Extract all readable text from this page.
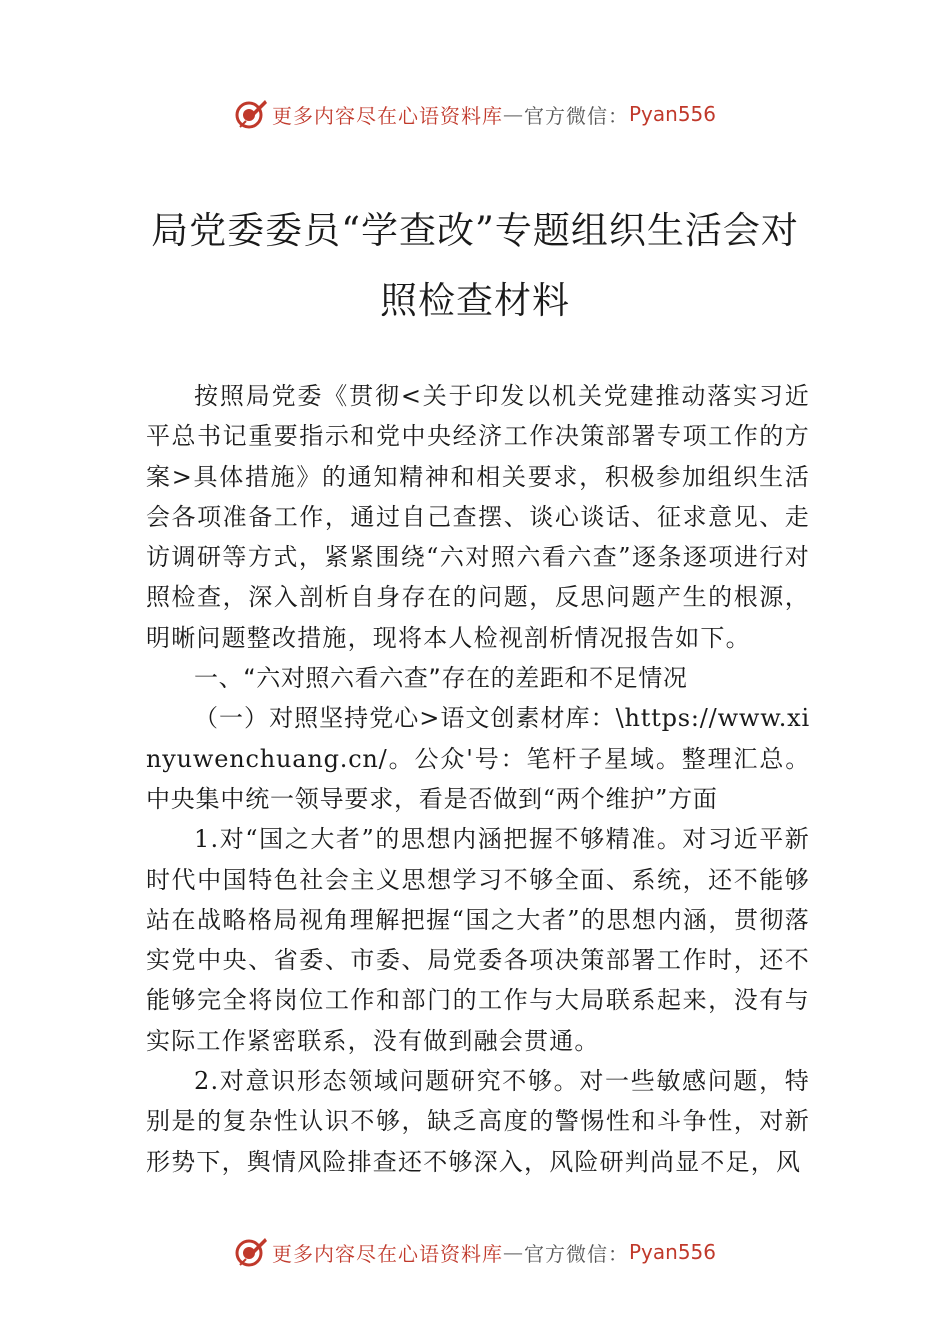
更多内容尽在心语资料库 — 官方微信： Pyan556
局党委委员“学查改”专题组织生活会对
照检查材料

按照局党委《贯彻<关于印发以机关党建推动落实习近平总书记重要指示和党中央经济工作决策部署专项工作的方案>具体措施》的通知精神和相关要求，积极参加组织生活会各项准备工作，通过自己查摆、谈心谈话、征求意见、走访调研等方式，紧紧围绕“六对照六看六查”逐条逐项进行对照检查，深入剖析自身存在的问题，反思问题产生的根源， 明晰问题整改措施，现将本人检视剖析情况报告如下。

一、“六对照六看六查”存在的差距和不足情况

（一）对照坚持党心>语文创素材库：\https://www.xinyuwenchuang.cn/。公众'号：笔杆子星域。整理汇总。中央集中统一领导要求，看是否做到“两个维护”方面

1.对“国之大者”的思想内涵把握不够精准。对习近平新时代中国特色社会主义思想学习不够全面、系统，还不能够站在战略格局视角理解把握“国之大者”的思想内涵，贯彻落实党中央、省委、市委、局党委各项决策部署工作时，还不能够完全将岗位工作和部门的工作与大局联系起来，没有与实际工作紧密联系，没有做到融会贯通。

2.对意识形态领域问题研究不够。对一些敏感问题，特别是的复杂性认识不够，缺乏高度的警惕性和斗争性，对新形势下，舆情风险排查还不够深入，风险研判尚显不足，风

更多内容尽在心语资料库 — 官方微信： Pyan556
